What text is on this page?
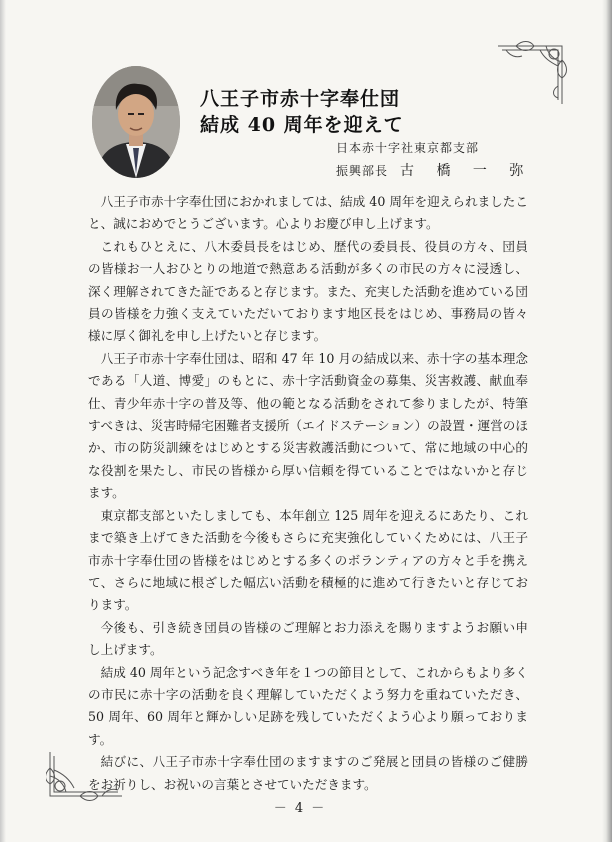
八王子市赤十字奉仕団
結成 40 周年を迎えて
日本赤十字社東京都支部
振興部長 古 橋 一 弥

八王子市赤十字奉仕団におかれましては、結成 40 周年を迎えられましたこと、誠におめでとうございます。心よりお慶び申し上げます。

これもひとえに、八木委員長をはじめ、歴代の委員長、役員の方々、団員の皆様お一人おひとりの地道で熱意ある活動が多くの市民の方々に浸透し、深く理解されてきた証であると存じます。また、充実した活動を進めている団員の皆様を力強く支えていただいております地区長をはじめ、事務局の皆々様に厚く御礼を申し上げたいと存じます。

八王子市赤十字奉仕団は、昭和 47 年 10 月の結成以来、赤十字の基本理念である「人道、博愛」のもとに、赤十字活動資金の募集、災害救護、献血奉仕、青少年赤十字の普及等、他の範となる活動をされて参りましたが、特筆すべきは、災害時帰宅困難者支援所（エイドステーション）の設置・運営のほか、市の防災訓練をはじめとする災害救護活動について、常に地域の中心的な役割を果たし、市民の皆様から厚い信頼を得ていることではないかと存じます。

東京都支部といたしましても、本年創立 125 周年を迎えるにあたり、これまで築き上げてきた活動を今後もさらに充実強化していくためには、八王子市赤十字奉仕団の皆様をはじめとする多くのボランティアの方々と手を携えて、さらに地域に根ざした幅広い活動を積極的に進めて行きたいと存じております。

今後も、引き続き団員の皆様のご理解とお力添えを賜りますようお願い申し上げます。

結成 40 周年という記念すべき年を１つの節目として、これからもより多くの市民に赤十字の活動を良く理解していただくよう努力を重ねていただき、50 周年、60 周年と輝かしい足跡を残していただくよう心より願っております。

結びに、八王子市赤十字奉仕団のますますのご発展と団員の皆様のご健勝をお祈りし、お祝いの言葉とさせていただきます。

－ 4 －
